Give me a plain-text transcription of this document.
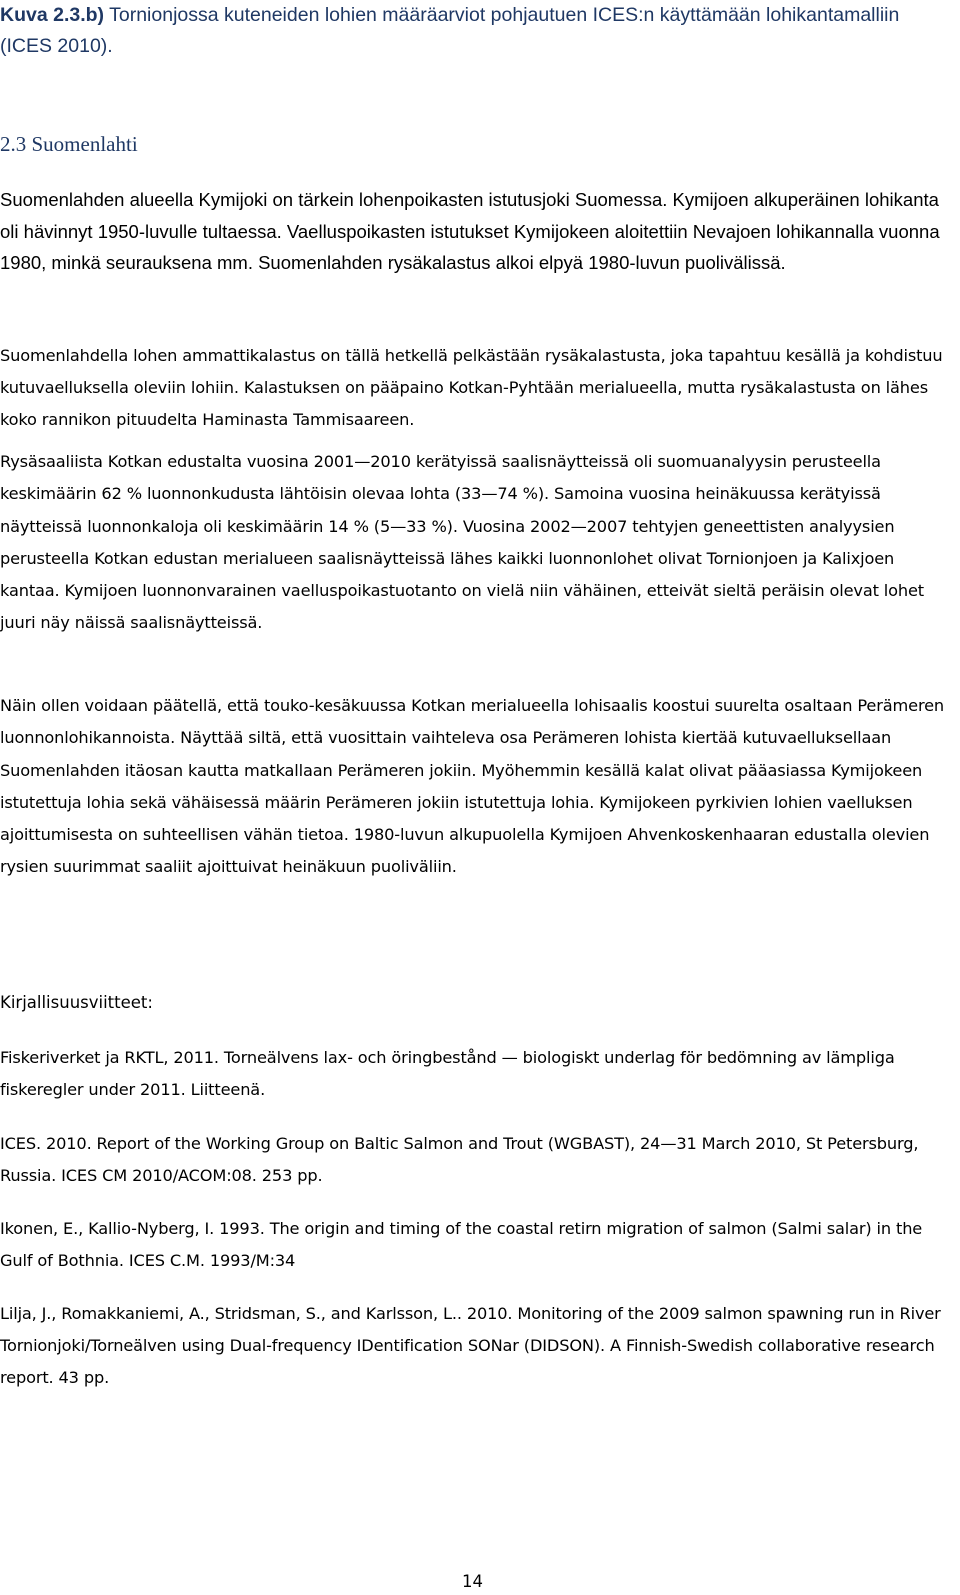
Kuva 2.3.b) Tornionjossa kuteneiden lohien määräarviot pohjautuen ICES:n käyttämään lohikantamalliin (ICES 2010).
2.3 Suomenlahti
Suomenlahden alueella Kymijoki on tärkein lohenpoikasten istutusjoki Suomessa. Kymijoen alkuperäinen lohikanta oli hävinnyt 1950-luvulle tultaessa. Vaelluspoikasten istutukset Kymijokeen aloitettiin Nevajoen lohikannalla vuonna 1980, minkä seurauksena mm. Suomenlahden rysäkalastus alkoi elpyä 1980-luvun puolivälissä.
Suomenlahdella lohen ammattikalastus on tällä hetkellä pelkästään rysäkalastusta, joka tapahtuu kesällä ja kohdistuu kutuvaelluksella oleviin lohiin. Kalastuksen on pääpaino Kotkan-Pyhtään merialueella, mutta rysäkalastusta on lähes koko rannikon pituudelta Haminasta Tammisaareen.
Rysäsaaliista Kotkan edustalta vuosina 2001—2010 kerätyissä saalisnäytteissä oli suomuanalyysin perusteella keskimäärin 62 % luonnonkudusta lähtöisin olevaa lohta (33—74 %). Samoina vuosina heinäkuussa kerätyissä näytteissä luonnonkaloja oli keskimäärin 14 % (5—33 %). Vuosina 2002—2007 tehtyjen geneettisten analyysien perusteella Kotkan edustan merialueen saalisnäytteissä lähes kaikki luonnonlohet olivat Tornionjoen ja Kalixjoen kantaa. Kymijoen luonnonvarainen vaelluspoikastuotanto on vielä niin vähäinen, etteivät sieltä peräisin olevat lohet juuri näy näissä saalisnäytteissä.
Näin ollen voidaan päätellä, että touko-kesäkuussa Kotkan merialueella lohisaalis koostui suurelta osaltaan Perämeren luonnonlohikannoista. Näyttää siltä, että vuosittain vaihteleva osa Perämeren lohista kiertää kutuvaelluksellaan Suomenlahden itäosan kautta matkallaan Perämeren jokiin. Myöhemmin kesällä kalat olivat pääasiassa Kymijokeen istutettuja lohia sekä vähäisessä määrin Perämeren jokiin istutettuja lohia. Kymijokeen pyrkivien lohien vaelluksen ajoittumisesta on suhteellisen vähän tietoa. 1980-luvun alkupuolella Kymijoen Ahvenkoskenhaaran edustalla olevien rysien suurimmat saaliit ajoittuivat heinäkuun puoliväliin.
Kirjallisuusviitteet:
Fiskeriverket ja RKTL, 2011. Torneälvens lax- och öringbestånd — biologiskt underlag för bedömning av lämpliga fiskeregler under 2011. Liitteenä.
ICES. 2010. Report of the Working Group on Baltic Salmon and Trout (WGBAST), 24—31 March 2010, St Petersburg, Russia. ICES CM 2010/ACOM:08. 253 pp.
Ikonen, E., Kallio-Nyberg, I. 1993. The origin and timing of the coastal retirn migration of salmon (Salmi salar) in the Gulf of Bothnia. ICES C.M. 1993/M:34
Lilja, J., Romakkaniemi, A., Stridsman, S., and Karlsson, L.. 2010. Monitoring of the 2009 salmon spawning run in River Tornionjoki/Torneälven using Dual-frequency IDentification SONar (DIDSON). A Finnish-Swedish collaborative research report. 43 pp.
14
